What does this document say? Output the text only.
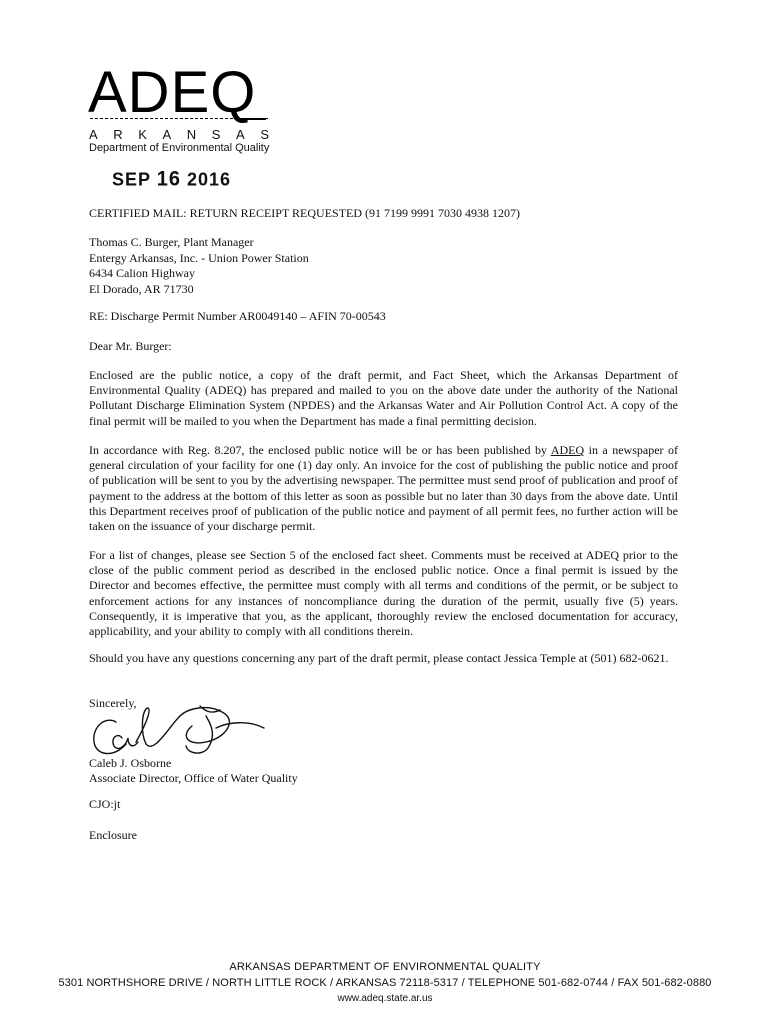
ADEQ
ARKANSAS
Department of Environmental Quality
SEP 16 2016
CERTIFIED MAIL: RETURN RECEIPT REQUESTED (91 7199 9991 7030 4938 1207)
Thomas C. Burger, Plant Manager
Entergy Arkansas, Inc. - Union Power Station
6434 Calion Highway
El Dorado, AR 71730
RE: Discharge Permit Number AR0049140 – AFIN 70-00543
Dear Mr. Burger:
Enclosed are the public notice, a copy of the draft permit, and Fact Sheet, which the Arkansas Department of Environmental Quality (ADEQ) has prepared and mailed to you on the above date under the authority of the National Pollutant Discharge Elimination System (NPDES) and the Arkansas Water and Air Pollution Control Act. A copy of the final permit will be mailed to you when the Department has made a final permitting decision.
In accordance with Reg. 8.207, the enclosed public notice will be or has been published by ADEQ in a newspaper of general circulation of your facility for one (1) day only. An invoice for the cost of publishing the public notice and proof of publication will be sent to you by the advertising newspaper. The permittee must send proof of publication and proof of payment to the address at the bottom of this letter as soon as possible but no later than 30 days from the above date. Until this Department receives proof of publication of the public notice and payment of all permit fees, no further action will be taken on the issuance of your discharge permit.
For a list of changes, please see Section 5 of the enclosed fact sheet. Comments must be received at ADEQ prior to the close of the public comment period as described in the enclosed public notice. Once a final permit is issued by the Director and becomes effective, the permittee must comply with all terms and conditions of the permit, or be subject to enforcement actions for any instances of noncompliance during the duration of the permit, usually five (5) years. Consequently, it is imperative that you, as the applicant, thoroughly review the enclosed documentation for accuracy, applicability, and your ability to comply with all conditions therein.
Should you have any questions concerning any part of the draft permit, please contact Jessica Temple at (501) 682-0621.
Sincerely,
Caleb J. Osborne
Associate Director, Office of Water Quality
CJO:jt
Enclosure
ARKANSAS DEPARTMENT OF ENVIRONMENTAL QUALITY
5301 NORTHSHORE DRIVE / NORTH LITTLE ROCK / ARKANSAS 72118-5317 / TELEPHONE 501-682-0744 / FAX 501-682-0880
www.adeq.state.ar.us
